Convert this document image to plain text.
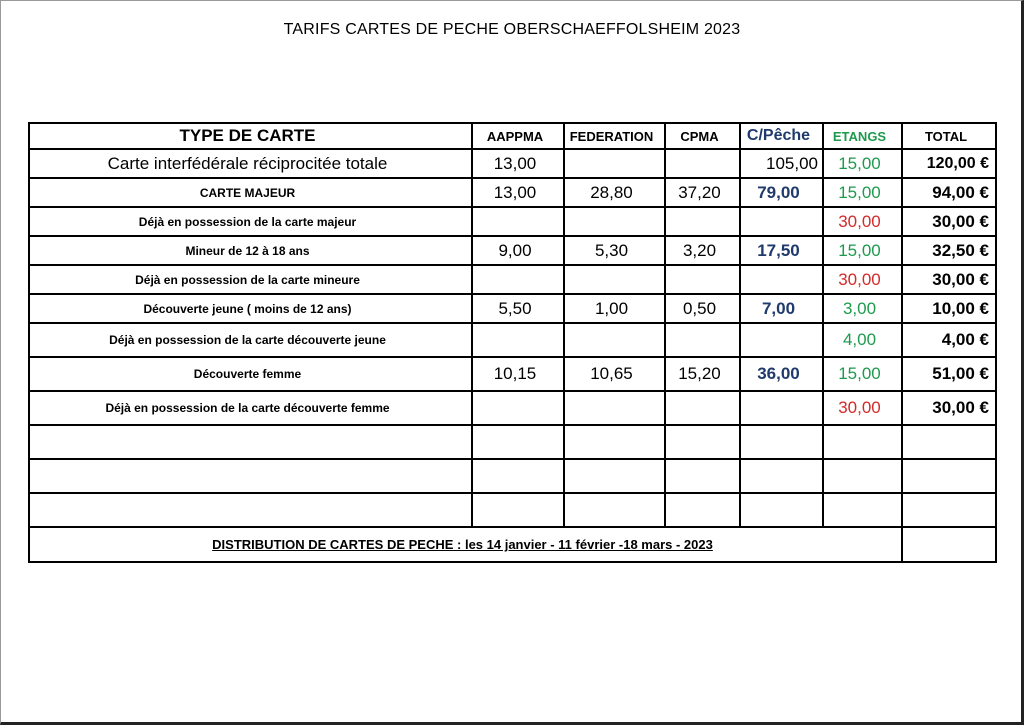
TARIFS CARTES DE PECHE OBERSCHAEFFOLSHEIM 2023
TYPE DE CARTE	AAPPMA	FEDERATION	CPMA	C/Pêche	ETANGS	TOTAL
Carte interfédérale réciprocitée totale	13,00			105,00	15,00	120,00 €
CARTE MAJEUR	13,00	28,80	37,20	79,00	15,00	94,00 €
Déjà en possession de la carte majeur					30,00	30,00 €
Mineur de 12 à 18 ans	9,00	5,30	3,20	17,50	15,00	32,50 €
Déjà en possession de la carte mineure					30,00	30,00 €
Découverte jeune ( moins de 12 ans)	5,50	1,00	0,50	7,00	3,00	10,00 €
Déjà en possession de la carte découverte jeune					4,00	4,00 €
Découverte femme	10,15	10,65	15,20	36,00	15,00	51,00 €
Déjà en possession de la carte découverte femme					30,00	30,00 €

DISTRIBUTION DE CARTES DE PECHE : les 14 janvier - 11 février -18 mars - 2023						
